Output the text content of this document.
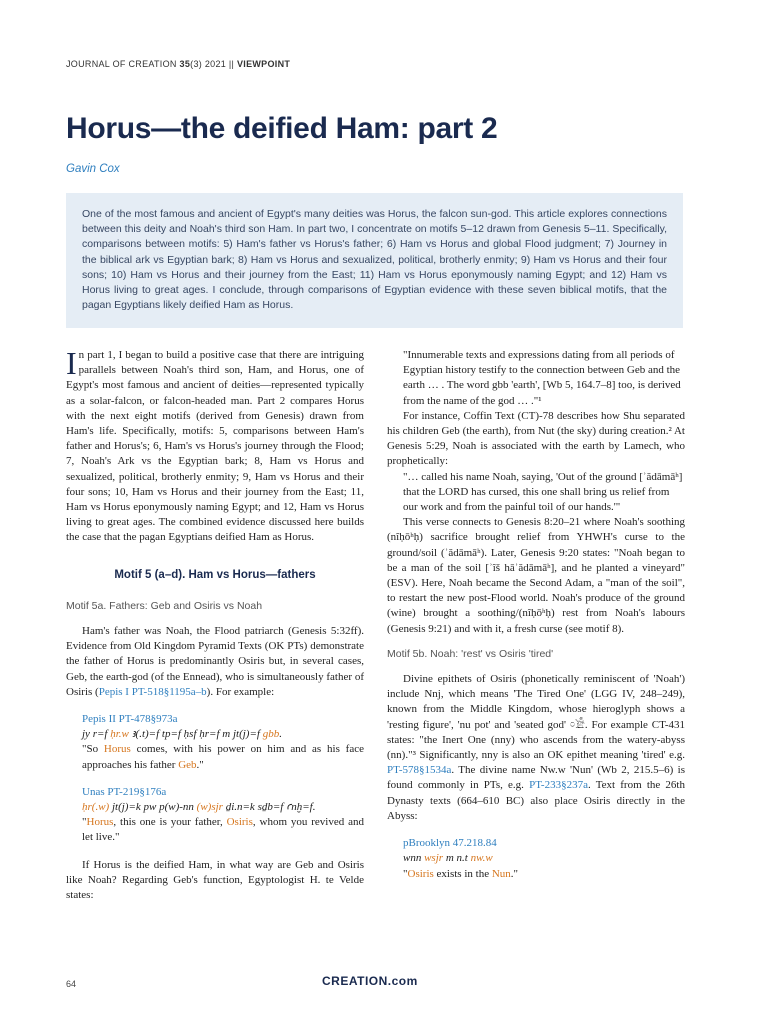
JOURNAL OF CREATION 35(3) 2021 || VIEWPOINT
Horus—the deified Ham: part 2
Gavin Cox
One of the most famous and ancient of Egypt's many deities was Horus, the falcon sun-god. This article explores connections between this deity and Noah's third son Ham. In part two, I concentrate on motifs 5–12 drawn from Genesis 5–11. Specifically, comparisons between motifs: 5) Ham's father vs Horus's father; 6) Ham vs Horus and global Flood judgment; 7) Journey in the biblical ark vs Egyptian bark; 8) Ham vs Horus and sexualized, political, brotherly enmity; 9) Ham vs Horus and their four sons; 10) Ham vs Horus and their journey from the East; 11) Ham vs Horus eponymously naming Egypt; and 12) Ham vs Horus living to great ages. I conclude, through comparisons of Egyptian evidence with these seven biblical motifs, that the pagan Egyptians likely deified Ham as Horus.

In part 1, I began to build a positive case that there are intriguing parallels between Noah's third son, Ham, and Horus, one of Egypt's most famous and ancient of deities—represented typically as a solar-falcon, or falcon-headed man. Part 2 compares Horus with the next eight motifs (derived from Genesis) drawn from Ham's life. Specifically, motifs: 5, comparisons between Ham's father and Horus's; 6, Ham's vs Horus's journey through the Flood; 7, Noah's Ark vs the Egyptian bark; 8, Ham vs Horus and sexualized, political, brotherly enmity; 9, Ham vs Horus and their four sons; 10, Ham vs Horus and their journey from the East; 11, Ham vs Horus eponymously naming Egypt; and 12, Ham vs Horus living to great ages. The combined evidence discussed here builds the case that the pagan Egyptians deified Ham as Horus.

Motif 5 (a–d). Ham vs Horus—fathers
Motif 5a. Fathers: Geb and Osiris vs Noah

Ham's father was Noah, the Flood patriarch (Genesis 5:32ff). Evidence from Old Kingdom Pyramid Texts (OK PTs) demonstrate the father of Horus is predominantly Osiris but, in several cases, Geb, the earth-god (of the Ennead), who is simultaneously father of Osiris (Pepis I PT-518§1195a–b). For example:

Pepis II PT-478§973a
jy r=f ḥr.w ꜣ(.t)=f tp=f ḥsf ḥr=f m jt(j)=f gbb.
"So Horus comes, with his power on him and as his face approaches his father Geb."
Unas PT-219§176a
ḥr(.w) jt(j)=k pw p(w)-nn (w)sjr ḏi.n=k sḏb=f ꜥnḫ=f.
"Horus, this one is your father, Osiris, whom you revived and let live."

If Horus is the deified Ham, in what way are Geb and Osiris like Noah? Regarding Geb's function, Egyptologist H. te Velde states:

"Innumerable texts and expressions dating from all periods of Egyptian history testify to the connection between Geb and the earth … . The word gbb 'earth', [Wb 5, 164.7–8] too, is derived from the name of the god … ."¹

For instance, Coffin Text (CT)-78 describes how Shu separated his children Geb (the earth), from Nut (the sky) during creation.² At Genesis 5:29, Noah is associated with the earth by Lamech, who prophetically:

"… called his name Noah, saying, 'Out of the ground [ʾădāmāʰ] that the LORD has cursed, this one shall bring us relief from our work and from the painful toil of our hands.'"

This verse connects to Genesis 8:20–21 where Noah's soothing (nîḥōʰḥ) sacrifice brought relief from YHWH's curse to the ground/soil (ʾădāmāʰ). Later, Genesis 9:20 states: "Noah began to be a man of the soil [ʾîš hāʾădāmāʰ], and he planted a vineyard" (ESV). Here, Noah became the Second Adam, a "man of the soil", to restart the new post-Flood world. Noah's produce of the ground (wine) brought a soothing/(nîḥōʰḥ) rest from Noah's labours (Genesis 9:21) and with it, a fresh curse (see motif 8).

Motif 5b. Noah: 'rest' vs Osiris 'tired'

Divine epithets of Osiris (phonetically reminiscent of 'Noah') include Nnj, which means 'The Tired One' (LGG IV, 248–249), known from the Middle Kingdom, whose hieroglyph shows a 'resting figure', 'nu pot' and 'seated god' 𓏌𓀀. For example CT-431 states: "the Inert One (nny) who ascends from the watery-abyss (nn)."³ Significantly, nny is also an OK epithet meaning 'tired' e.g. PT-578§1534a. The divine name Nw.w 'Nun' (Wb 2, 215.5–6) is found commonly in PTs, e.g. PT-233§237a. Text from the 26th Dynasty texts (664–610 BC) also place Osiris directly in the Abyss:

pBrooklyn 47.218.84
wnn wsjr m n.t nw.w
"Osiris exists in the Nun."
64	CREATION.com
